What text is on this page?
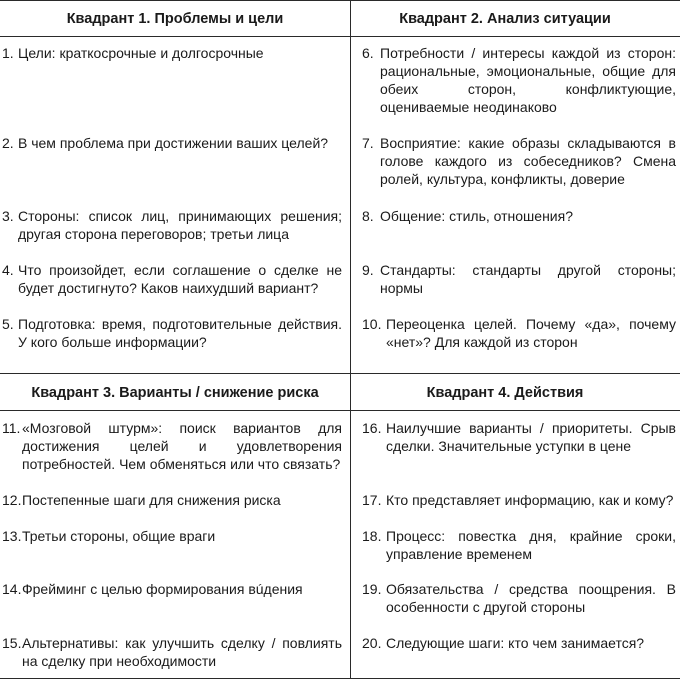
Квадрант 1. Проблемы и цели	Квадрант 2. Анализ ситуации
Квадрант 3. Варианты / снижение риска	Квадрант 4. Действия
1. Цели: краткосрочные и долгосрочные
2. В чем проблема при достижении ваших целей?
3. Стороны: список лиц, принимающих решения; другая сторона переговоров; третьи лица
4. Что произойдет, если соглашение о сделке не будет достигнуто? Каков наихудший вариант?
5. Подготовка: время, подготовительные действия. У кого больше информации?
6. Потребности / интересы каждой из сторон: рациональные, эмоциональные, общие для обеих сторон, конфликтующие, оцениваемые неодинаково
7. Восприятие: какие образы складываются в голове каждого из собеседников? Смена ролей, культура, конфликты, доверие
8. Общение: стиль, отношения?
9. Стандарты: стандарты другой стороны; нормы
10. Переоценка целей. Почему «да», почему «нет»? Для каждой из сторон
11. «Мозговой штурм»: поиск вариантов для достижения целей и удовлетворения потребностей. Чем обменяться или что связать?
12. Постепенные шаги для снижения риска
13. Третьи стороны, общие враги
14. Фрейминг с целью формирования вúдения
15. Альтернативы: как улучшить сделку / повлиять на сделку при необходимости
16. Наилучшие варианты / приоритеты. Срыв сделки. Значительные уступки в цене
17. Кто представляет информацию, как и кому?
18. Процесс: повестка дня, крайние сроки, управление временем
19. Обязательства / средства поощрения. В особенности с другой стороны
20. Следующие шаги: кто чем занимается?
